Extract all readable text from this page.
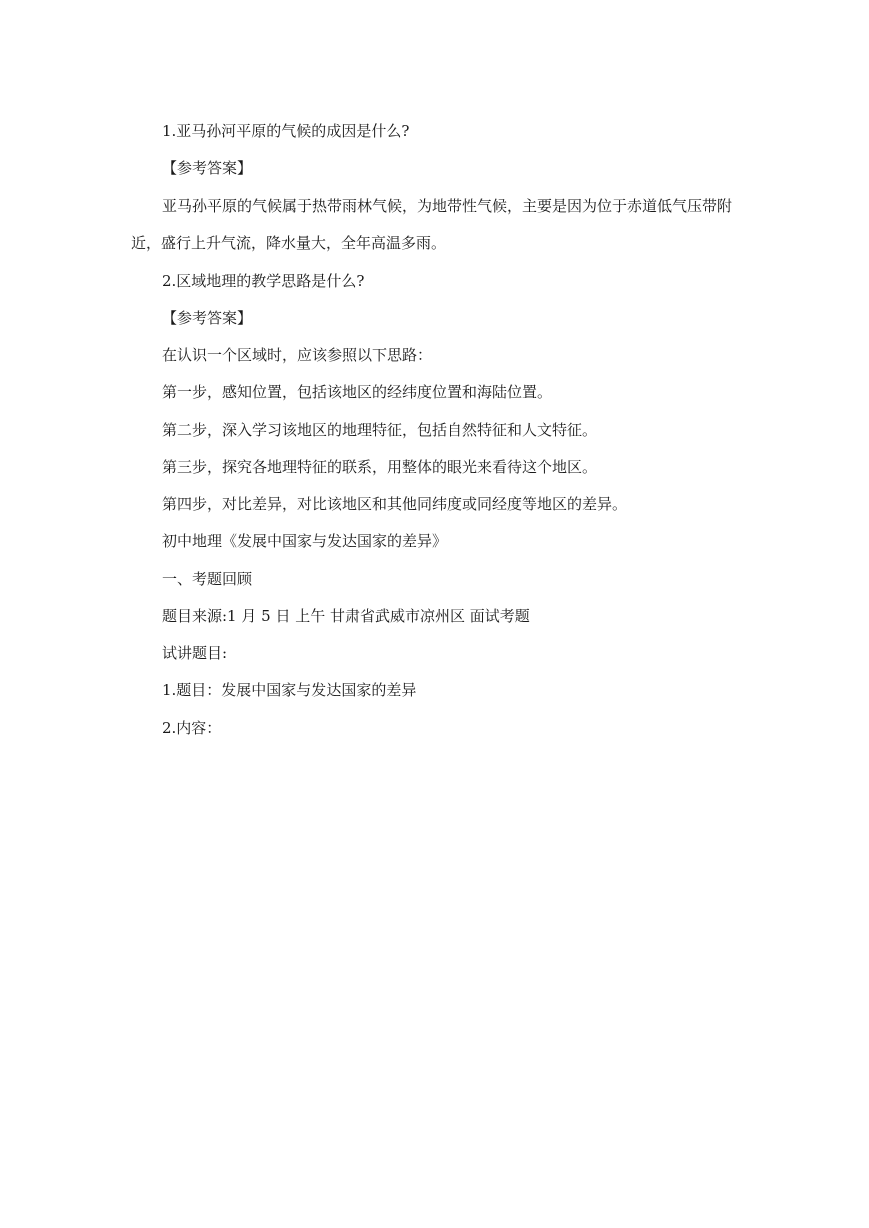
1.亚马孙河平原的气候的成因是什么?
【参考答案】
亚马孙平原的气候属于热带雨林气候，为地带性气候，主要是因为位于赤道低气压带附
近，盛行上升气流，降水量大，全年高温多雨。
2.区域地理的教学思路是什么?
【参考答案】
在认识一个区域时，应该参照以下思路：
第一步，感知位置，包括该地区的经纬度位置和海陆位置。
第二步，深入学习该地区的地理特征，包括自然特征和人文特征。
第三步，探究各地理特征的联系，用整体的眼光来看待这个地区。
第四步，对比差异，对比该地区和其他同纬度或同经度等地区的差异。
初中地理《发展中国家与发达国家的差异》
一、考题回顾
题目来源:1 月 5 日 上午 甘肃省武威市凉州区 面试考题
试讲题目:
1.题目：发展中国家与发达国家的差异
2.内容：
